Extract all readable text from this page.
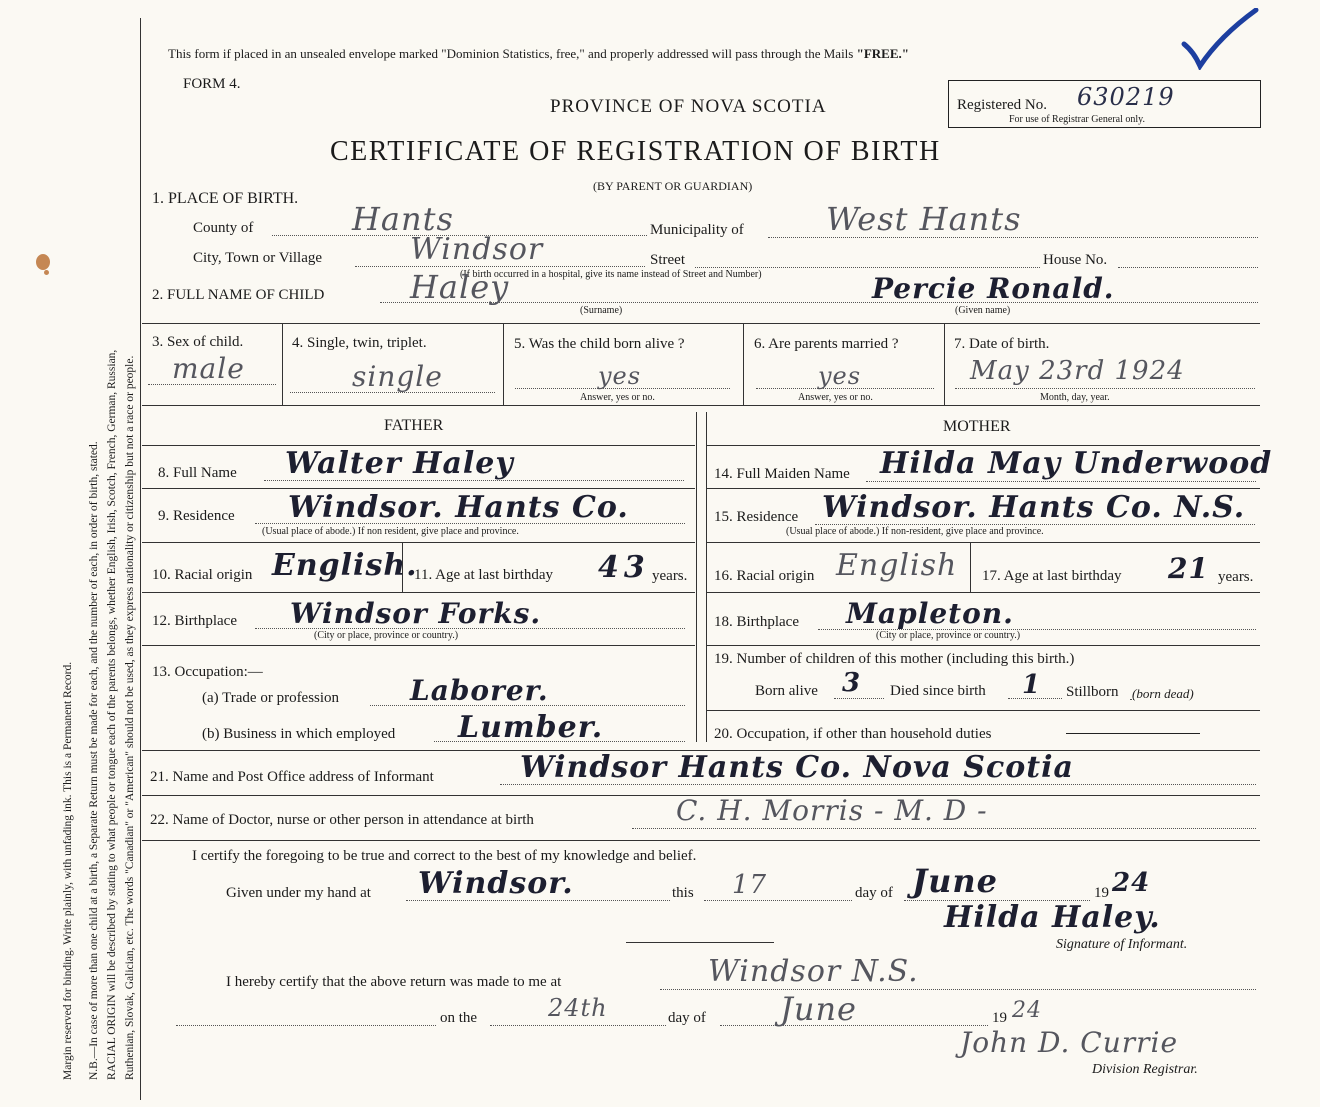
Margin reserved for binding. Write plainly, with unfading ink. This is a Permanent Record. N.B.—In case of more than one child at a birth, a Separate Return must be made for each, and the number of each, in order of birth, stated. RACIAL ORIGIN will be described by stating to what people or tongue each of the parents belongs, whether English, Irish, Scotch, French, German, Russian, Ruthenian, Slovak, Galician, etc. The words "Canadian" or "American" should not be used, as they express nationality or citizenship but not a race or people.
This form if placed in an unsealed envelope marked "Dominion Statistics, free," and properly addressed will pass through the Mails "FREE."
FORM 4.
PROVINCE OF NOVA SCOTIA
CERTIFICATE OF REGISTRATION OF BIRTH
(BY PARENT OR GUARDIAN)
Registered No. 630219
For use of Registrar General only.
1. PLACE OF BIRTH.
County of	Hants	Municipality of	West Hants
City, Town or Village	Windsor	Street	House No.
(If birth occurred in a hospital, give its name instead of Street and Number)
2. FULL NAME OF CHILD	Haley
(Surname)
Percie Ronald.
(Given name)
3. Sex of child.
male
4. Single, twin, triplet.
single
5. Was the child born alive ?
yes
Answer, yes or no.
6. Are parents married ?
yes
Answer, yes or no.
7. Date of birth.
May 23rd 1924
Month, day, year.
FATHER	MOTHER
8. Full Name Walter Haley	14. Full Maiden Name Hilda May Underwood
9. Residence Windsor. Hants Co.
(Usual place of abode.) If non resident, give place and province.
15. Residence Windsor. Hants Co. N.S.
(Usual place of abode.) If non-resident, give place and province.
10. Racial origin English.
11. Age at last birthday 43 years. 16. Racial origin English 17. Age at last birthday 21 years.
12. Birthplace Windsor Forks.
(City or place, province or country.)
18. Birthplace Mapleton.
(City or place, province or country.)
13. Occupation:—
(a) Trade or profession	Laborer.
(b) Business in which employed Lumber.
19. Number of children of this mother (including this birth.)
Born alive 3 Died since birth 1 Stillborn (born dead)
20. Occupation, if other than household duties
21. Name and Post Office address of Informant	Windsor Hants Co. Nova Scotia
22. Name of Doctor, nurse or other person in attendance at birth	C. H. Morris - M. D -
I certify the foregoing to be true and correct to the best of my knowledge and belief.
Given under my hand at Windsor.	this 17	day of June	19 24
Hilda Haley.
Signature of Informant.
I hereby certify that the above return was made to me at	Windsor N.S.
on the	24th	day of June	19 24
John D. Currie
Division Registrar.
